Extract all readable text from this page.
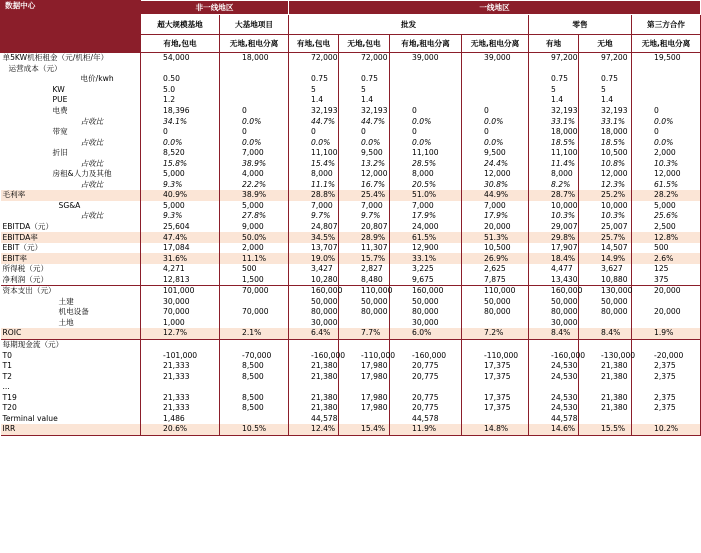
数据中心	非一线地区		一线地区						
	超大规模基地	大基地项目	批发				零售		第三方合作
	有地,包电	无地,租电分离	有地,包电	无地,包电	有地,租电分离	无地,租电分离	有地	无地	无地,租电分离
单5KW机柜租金（元/机柜/年）	54,000	18,000	72,000	72,000	39,000	39,000	97,200	97,200	19,500
运营成本（元）									
电价/kwh	0.50		0.75	0.75			0.75	0.75	
KW	5.0		5	5			5	5	
PUE	1.2		1.4	1.4			1.4	1.4	
电费	18,396	0	32,193	32,193	0	0	32,193	32,193	0
占收比	34.1%	0.0%	44.7%	44.7%	0.0%	0.0%	33.1%	33.1%	0.0%
带宽	0	0	0	0	0	0	18,000	18,000	0
占收比	0.0%	0.0%	0.0%	0.0%	0.0%	0.0%	18.5%	18.5%	0.0%
折旧	8,520	7,000	11,100	9,500	11,100	9,500	11,100	10,500	2,000
占收比	15.8%	38.9%	15.4%	13.2%	28.5%	24.4%	11.4%	10.8%	10.3%
房租&人力及其他	5,000	4,000	8,000	12,000	8,000	12,000	8,000	12,000	12,000
占收比	9.3%	22.2%	11.1%	16.7%	20.5%	30.8%	8.2%	12.3%	61.5%
毛利率	40.9%	38.9%	28.8%	25.4%	51.0%	44.9%	28.7%	25.2%	28.2%
SG&A	5,000	5,000	7,000	7,000	7,000	7,000	10,000	10,000	5,000
占收比	9.3%	27.8%	9.7%	9.7%	17.9%	17.9%	10.3%	10.3%	25.6%
EBITDA（元）	25,604	9,000	24,807	20,807	24,000	20,000	29,007	25,007	2,500
EBITDA率	47.4%	50.0%	34.5%	28.9%	61.5%	51.3%	29.8%	25.7%	12.8%
EBIT（元）	17,084	2,000	13,707	11,307	12,900	10,500	17,907	14,507	500
EBIT率	31.6%	11.1%	19.0%	15.7%	33.1%	26.9%	18.4%	14.9%	2.6%
所得税（元）	4,271	500	3,427	2,827	3,225	2,625	4,477	3,627	125
净利润（元）	12,813	1,500	10,280	8,480	9,675	7,875	13,430	10,880	375
资本支出（元）	101,000	70,000	160,000	110,000	160,000	110,000	160,000	130,000	20,000
土建	30,000		50,000	50,000	50,000	50,000	50,000	50,000	
机电设备	70,000	70,000	80,000	80,000	80,000	80,000	80,000	80,000	20,000
土地	1,000		30,000		30,000		30,000		
ROIC	12.7%	2.1%	6.4%	7.7%	6.0%	7.2%	8.4%	8.4%	1.9%
每期现金流（元）									
T0	-101,000	-70,000	-160,000	-110,000	-160,000	-110,000	-160,000	-130,000	-20,000
T1	21,333	8,500	21,380	17,980	20,775	17,375	24,530	21,380	2,375
T2	21,333	8,500	21,380	17,980	20,775	17,375	24,530	21,380	2,375
...									
T19	21,333	8,500	21,380	17,980	20,775	17,375	24,530	21,380	2,375
T20	21,333	8,500	21,380	17,980	20,775	17,375	24,530	21,380	2,375
Terminal value	1,486		44,578		44,578		44,578		
IRR	20.6%	10.5%	12.4%	15.4%	11.9%	14.8%	14.6%	15.5%	10.2%
